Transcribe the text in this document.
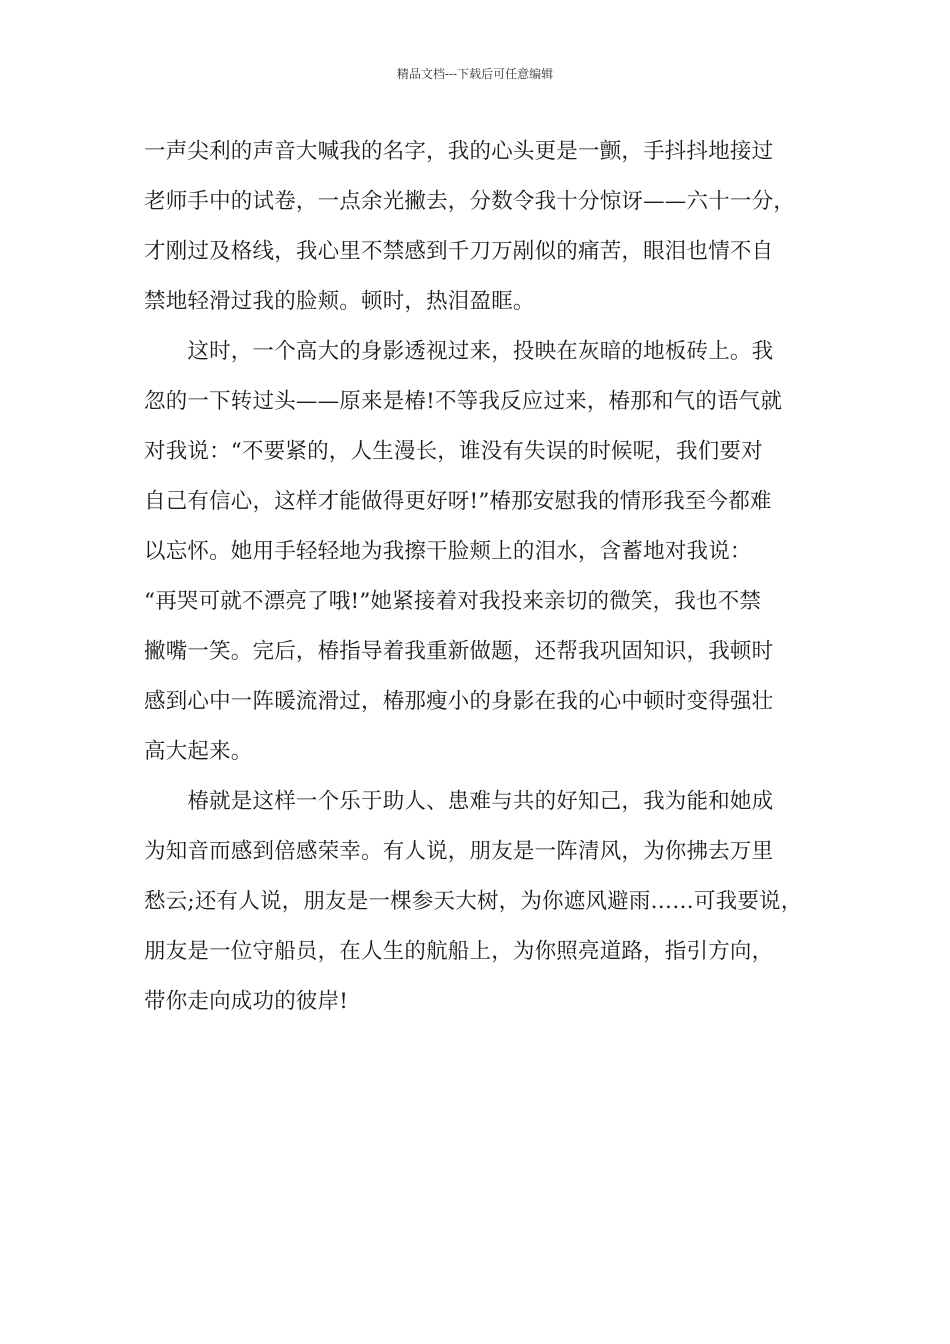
精品文档---下载后可任意编辑
一声尖利的声音大喊我的名字，我的心头更是一颤，手抖抖地接过
老师手中的试卷，一点余光撇去，分数令我十分惊讶——六十一分，
才刚过及格线，我心里不禁感到千刀万剐似的痛苦，眼泪也情不自
禁地轻滑过我的脸颊。顿时，热泪盈眶。
　　这时，一个高大的身影透视过来，投映在灰暗的地板砖上。我
忽的一下转过头——原来是椿!不等我反应过来，椿那和气的语气就
对我说：“不要紧的，人生漫长，谁没有失误的时候呢，我们要对
自己有信心，这样才能做得更好呀!”椿那安慰我的情形我至今都难
以忘怀。她用手轻轻地为我擦干脸颊上的泪水，含蓄地对我说：
“再哭可就不漂亮了哦!”她紧接着对我投来亲切的微笑，我也不禁
撇嘴一笑。完后，椿指导着我重新做题，还帮我巩固知识，我顿时
感到心中一阵暖流滑过，椿那瘦小的身影在我的心中顿时变得强壮
高大起来。
　　椿就是这样一个乐于助人、患难与共的好知己，我为能和她成
为知音而感到倍感荣幸。有人说，朋友是一阵清风，为你拂去万里
愁云;还有人说，朋友是一棵参天大树，为你遮风避雨……可我要说，
朋友是一位守船员，在人生的航船上，为你照亮道路，指引方向，
带你走向成功的彼岸!
